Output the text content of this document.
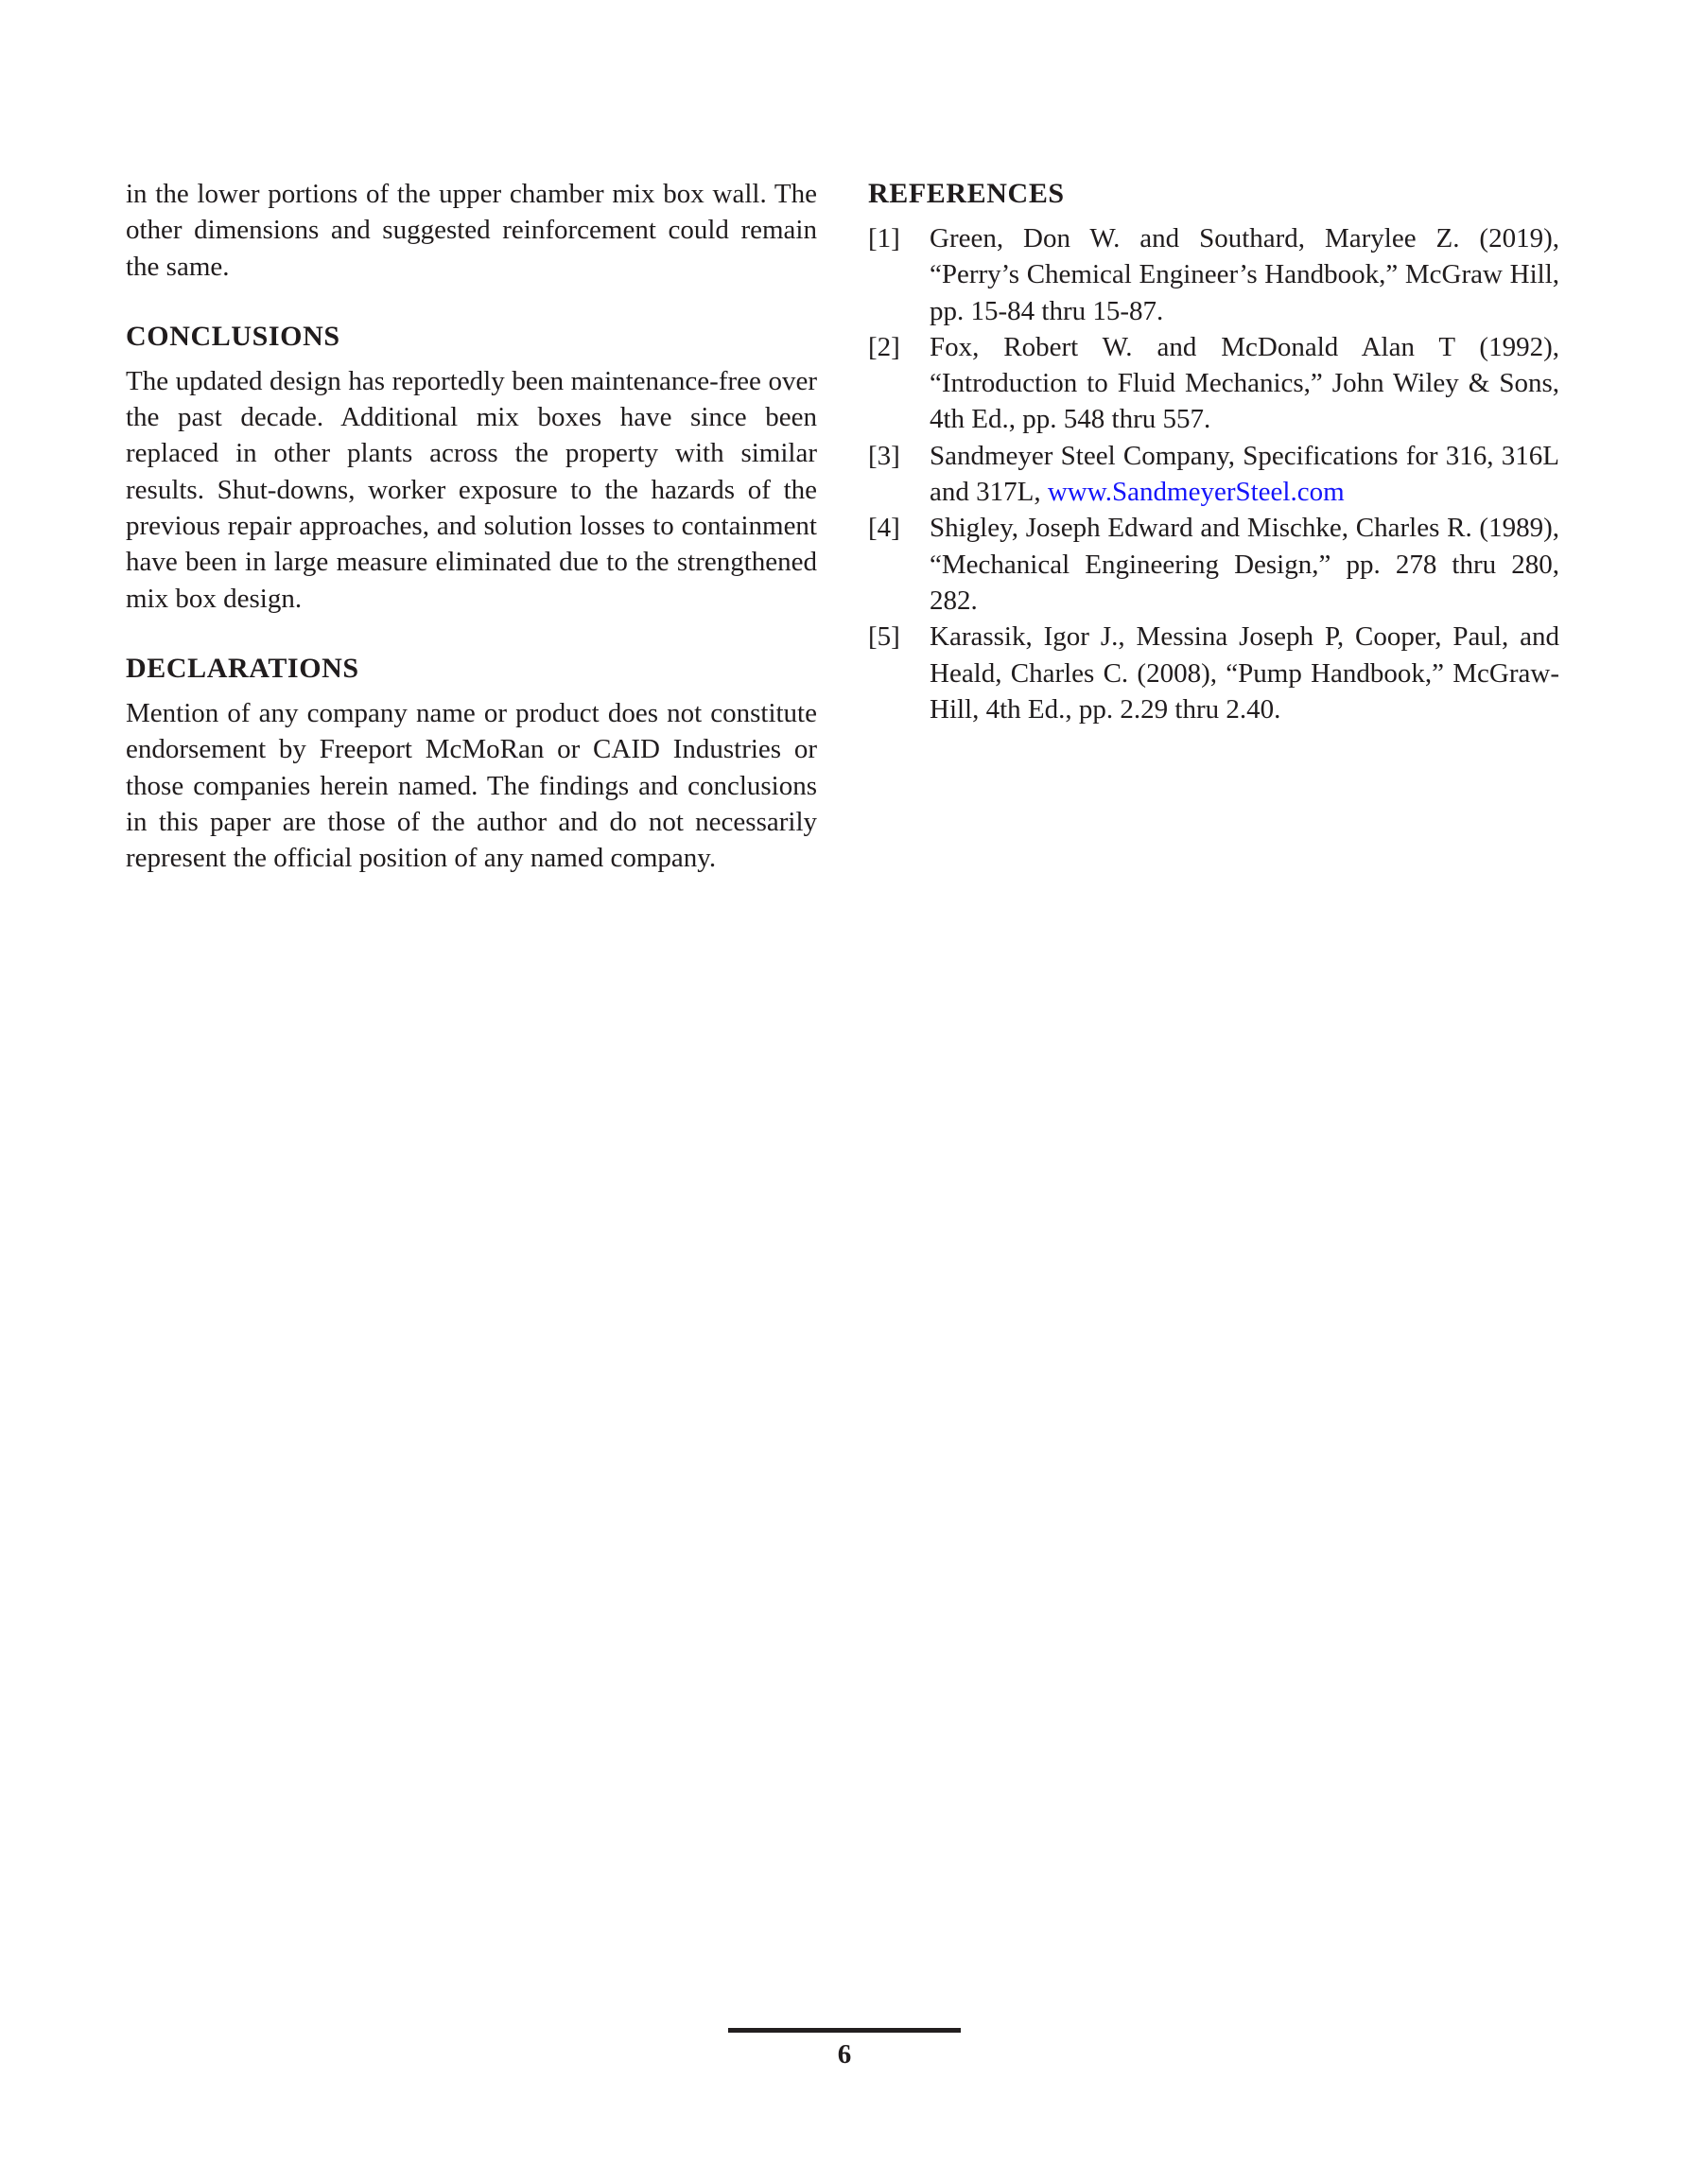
in the lower portions of the upper chamber mix box wall. The other dimensions and suggested reinforcement could remain the same.

CONCLUSIONS

The updated design has reportedly been maintenance-free over the past decade. Additional mix boxes have since been replaced in other plants across the property with similar results. Shut-downs, worker exposure to the hazards of the previous repair approaches, and solution losses to containment have been in large measure eliminated due to the strengthened mix box design.

DECLARATIONS

Mention of any company name or product does not constitute endorsement by Freeport McMoRan or CAID Industries or those companies herein named. The findings and conclusions in this paper are those of the author and do not necessarily represent the official position of any named company.

REFERENCES
[1] Green, Don W. and Southard, Marylee Z. (2019), “Perry’s Chemical Engineer’s Handbook,” McGraw Hill, pp. 15-84 thru 15-87.
[2] Fox, Robert W. and McDonald Alan T (1992), “Introduction to Fluid Mechanics,” John Wiley & Sons, 4th Ed., pp. 548 thru 557.
[3] Sandmeyer Steel Company, Specifications for 316, 316L and 317L, www.SandmeyerSteel.com
[4] Shigley, Joseph Edward and Mischke, Charles R. (1989), “Mechanical Engineering Design,” pp. 278 thru 280, 282.
[5] Karassik, Igor J., Messina Joseph P, Cooper, Paul, and Heald, Charles C. (2008), “Pump Handbook,” McGraw-Hill, 4th Ed., pp. 2.29 thru 2.40.
6
